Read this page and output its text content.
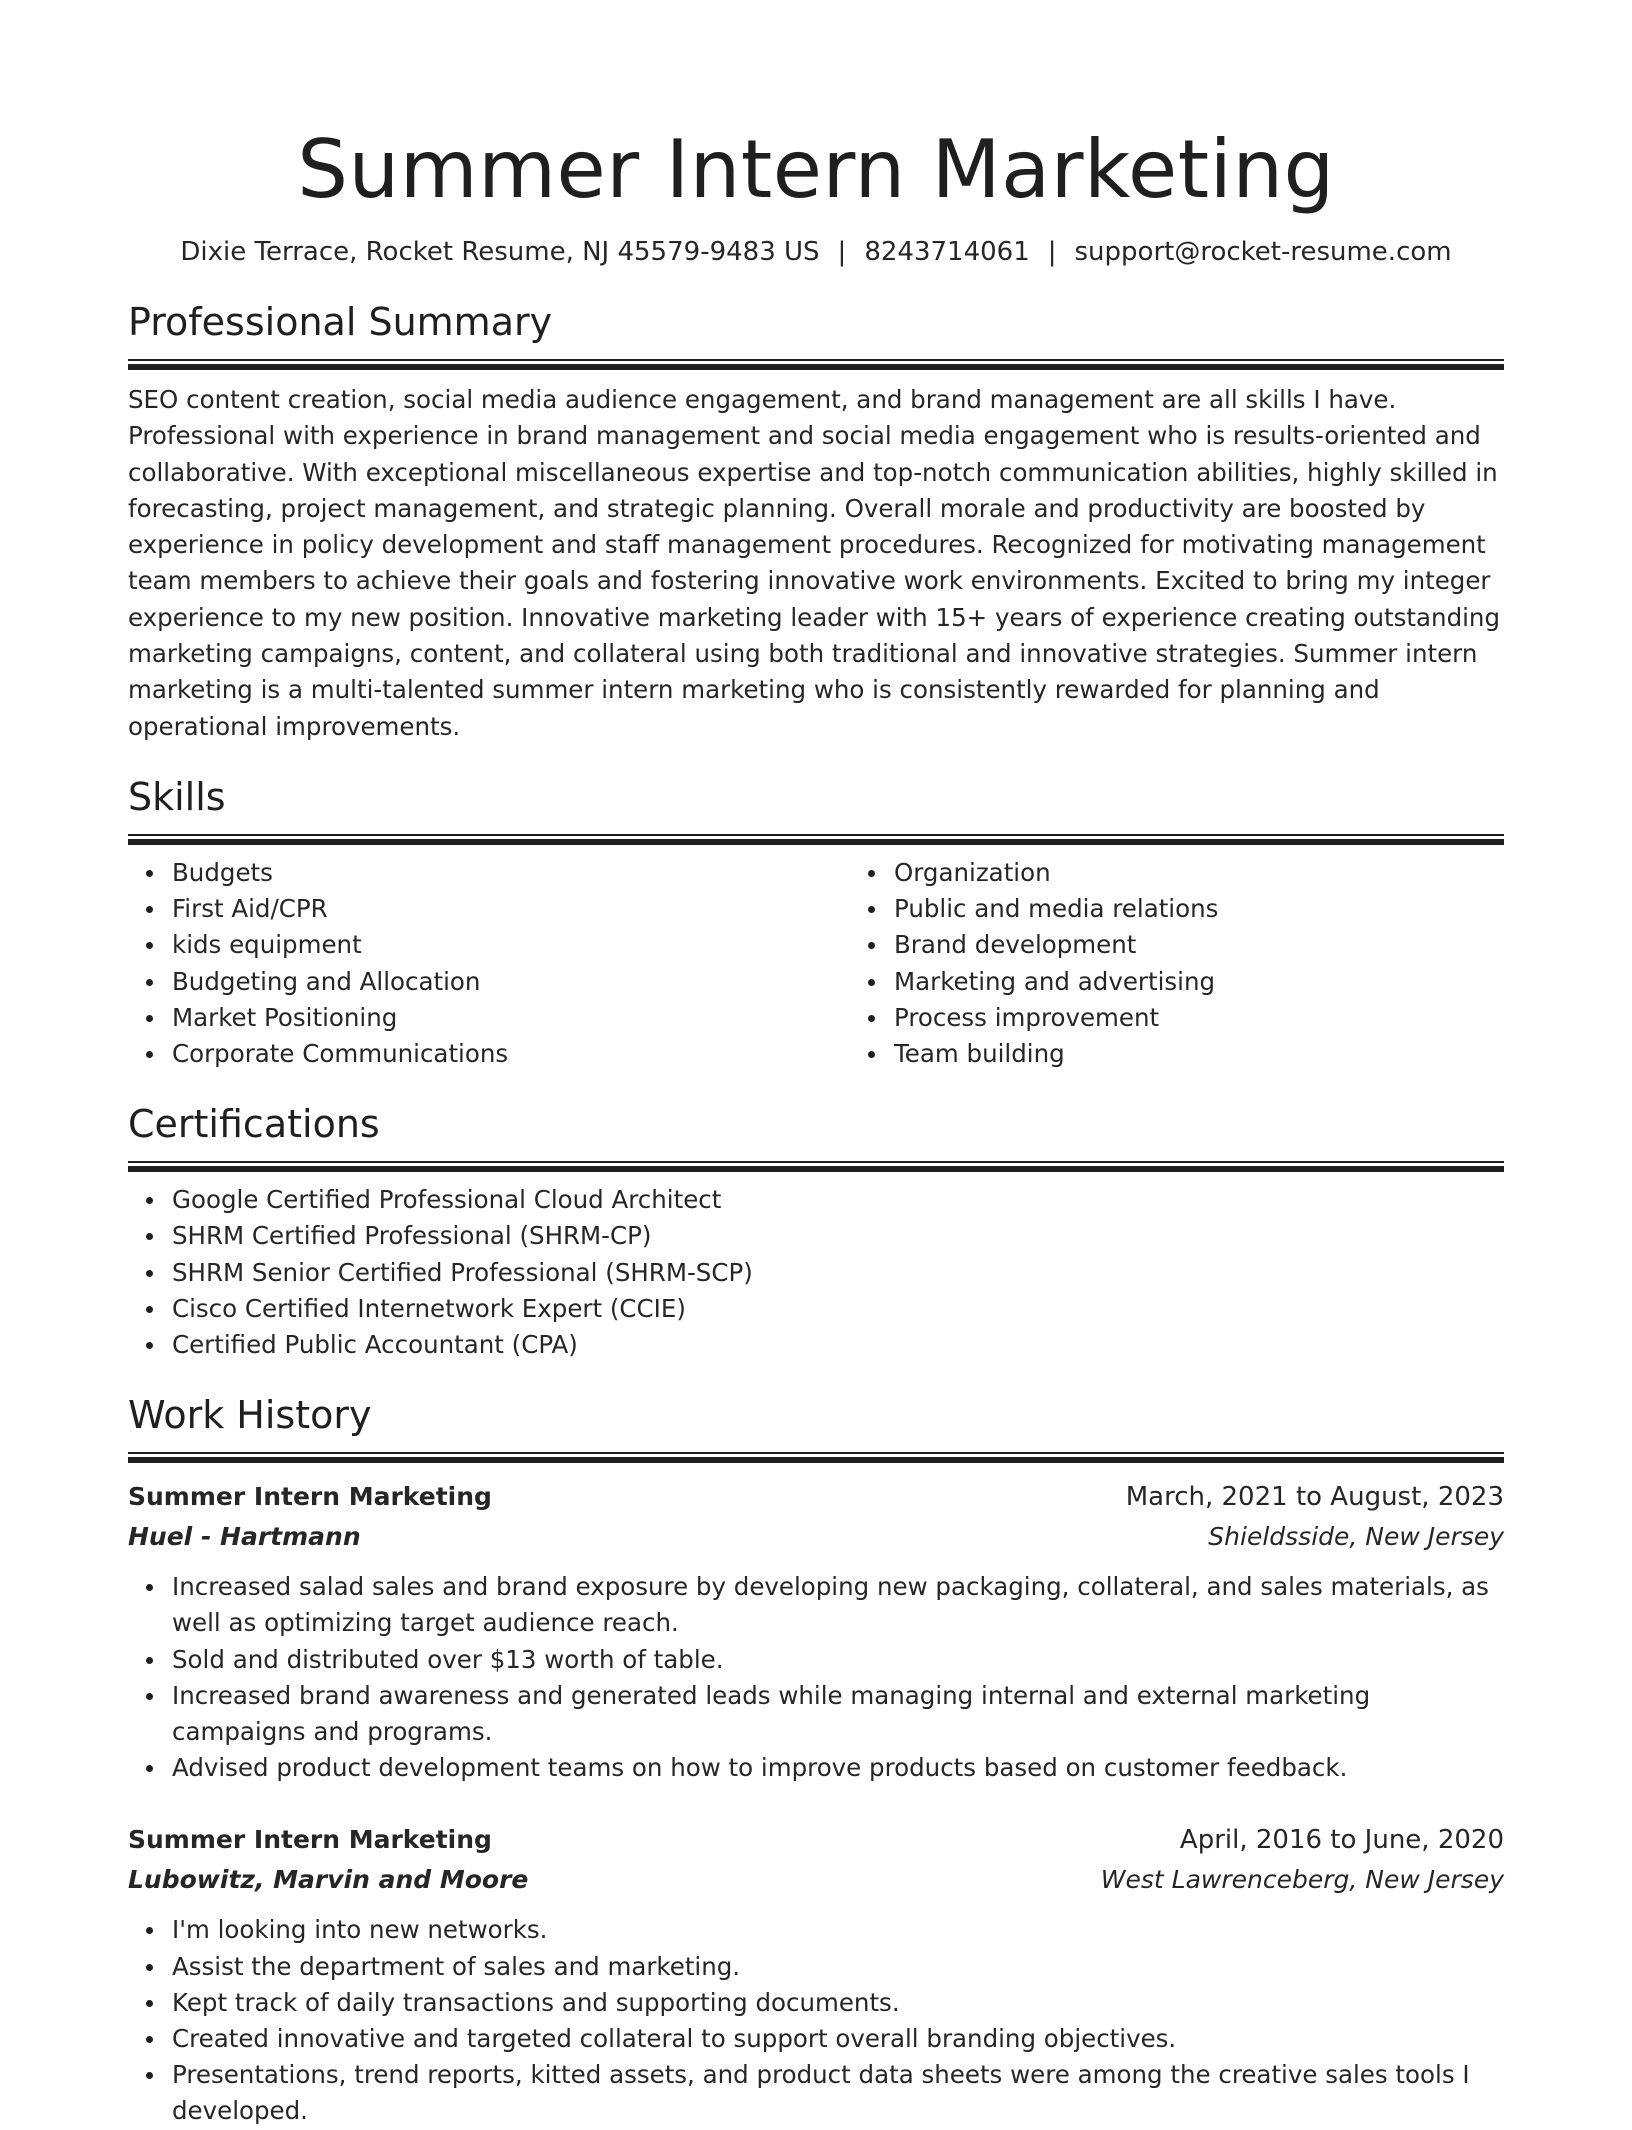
Summer Intern Marketing
Dixie Terrace, Rocket Resume, NJ 45579-9483 US | 8243714061 | support@rocket-resume.com
Professional Summary

SEO content creation, social media audience engagement, and brand management are all skills I have. Professional with experience in brand management and social media engagement who is results-oriented and collaborative. With exceptional miscellaneous expertise and top-notch communication abilities, highly skilled in forecasting, project management, and strategic planning. Overall morale and productivity are boosted by experience in policy development and staff management procedures. Recognized for motivating management team members to achieve their goals and fostering innovative work environments. Excited to bring my integer experience to my new position. Innovative marketing leader with 15+ years of experience creating outstanding marketing campaigns, content, and collateral using both traditional and innovative strategies. Summer intern marketing is a multi-talented summer intern marketing who is consistently rewarded for planning and operational improvements.

Skills
Budgets
First Aid/CPR
kids equipment
Budgeting and Allocation
Market Positioning
Corporate Communications
Organization
Public and media relations
Brand development
Marketing and advertising
Process improvement
Team building
Certifications
Google Certified Professional Cloud Architect
SHRM Certified Professional (SHRM-CP)
SHRM Senior Certified Professional (SHRM-SCP)
Cisco Certified Internetwork Expert (CCIE)
Certified Public Accountant (CPA)
Work History
Summer Intern Marketing	March, 2021 to August, 2023
Huel - Hartmann	Shieldsside, New Jersey
Increased salad sales and brand exposure by developing new packaging, collateral, and sales materials, as well as optimizing target audience reach.
Sold and distributed over $13 worth of table.
Increased brand awareness and generated leads while managing internal and external marketing campaigns and programs.
Advised product development teams on how to improve products based on customer feedback.
Summer Intern Marketing	April, 2016 to June, 2020
Lubowitz, Marvin and Moore	West Lawrenceberg, New Jersey
I'm looking into new networks.
Assist the department of sales and marketing.
Kept track of daily transactions and supporting documents.
Created innovative and targeted collateral to support overall branding objectives.
Presentations, trend reports, kitted assets, and product data sheets were among the creative sales tools I developed.
